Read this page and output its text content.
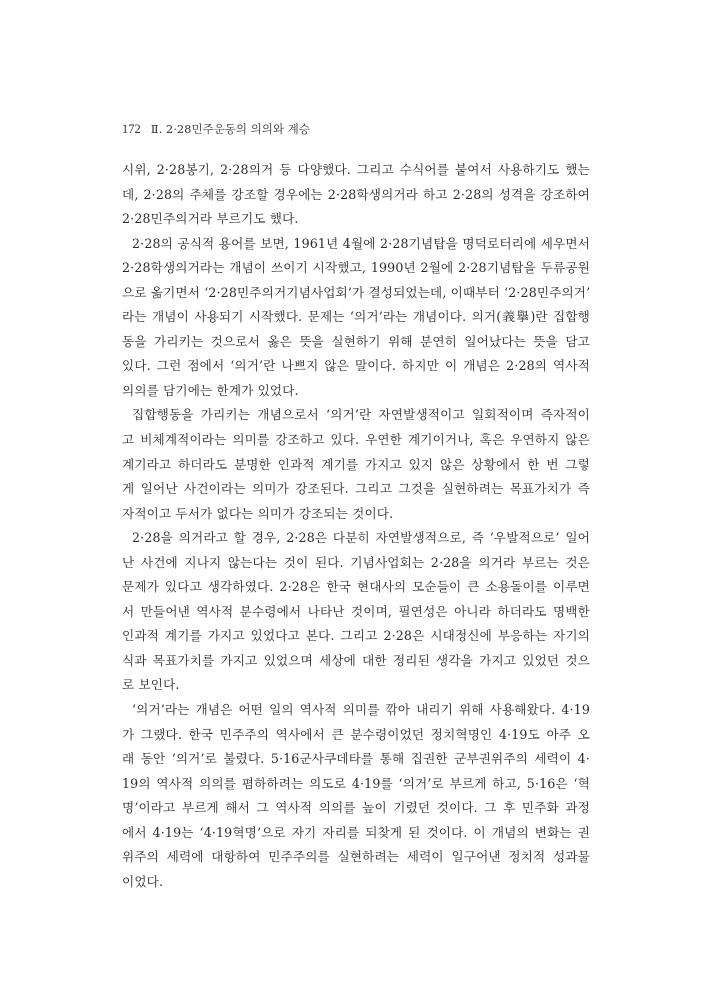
172 Ⅱ. 2·28민주운동의 의의와 계승
시위, 2·28봉기, 2·28의거 등 다양했다. 그리고 수식어를 붙여서 사용하기도 했는
데, 2·28의 주체를 강조할 경우에는 2·28학생의거라 하고 2·28의 성격을 강조하여
2·28민주의거라 부르기도 했다.
2·28의 공식적 용어를 보면, 1961년 4월에 2·28기념탑을 명덕로터리에 세우면서
2·28학생의거라는 개념이 쓰이기 시작했고, 1990년 2월에 2·28기념탑을 두류공원
으로 옮기면서 ‘2·28민주의거기념사업회’가 결성되었는데, 이때부터 ‘2·28민주의거’
라는 개념이 사용되기 시작했다. 문제는 ‘의거’라는 개념이다. 의거(義擧)란 집합행
동을 가리키는 것으로서 옳은 뜻을 실현하기 위해 분연히 일어났다는 뜻을 담고
있다. 그런 점에서 ‘의거’란 나쁘지 않은 말이다. 하지만 이 개념은 2·28의 역사적
의의를 담기에는 한계가 있었다.
집합행동을 가리키는 개념으로서 ‘의거’란 자연발생적이고 일회적이며 즉자적이
고 비체계적이라는 의미를 강조하고 있다. 우연한 계기이거나, 혹은 우연하지 않은
계기라고 하더라도 분명한 인과적 계기를 가지고 있지 않은 상황에서 한 번 그렇
게 일어난 사건이라는 의미가 강조된다. 그리고 그것을 실현하려는 목표가치가 즉
자적이고 두서가 없다는 의미가 강조되는 것이다.
2·28을 의거라고 할 경우, 2·28은 다분히 자연발생적으로, 즉 ‘우발적으로’ 일어
난 사건에 지나지 않는다는 것이 된다. 기념사업회는 2·28을 의거라 부르는 것은
문제가 있다고 생각하였다. 2·28은 한국 현대사의 모순들이 큰 소용돌이를 이루면
서 만들어낸 역사적 분수령에서 나타난 것이며, 필연성은 아니라 하더라도 명백한
인과적 계기를 가지고 있었다고 본다. 그리고 2·28은 시대정신에 부응하는 자기의
식과 목표가치를 가지고 있었으며 세상에 대한 정리된 생각을 가지고 있었던 것으
로 보인다.
‘의거’라는 개념은 어떤 일의 역사적 의미를 깎아 내리기 위해 사용해왔다. 4·19
가 그랬다. 한국 민주주의 역사에서 큰 분수령이었던 정치혁명인 4·19도 아주 오
래 동안 ‘의거’로 불렸다. 5·16군사쿠데타를 통해 집권한 군부권위주의 세력이 4·
19의 역사적 의의를 폄하하려는 의도로 4·19를 ‘의거’로 부르게 하고, 5·16은 ‘혁
명’이라고 부르게 해서 그 역사적 의의를 높이 기렸던 것이다. 그 후 민주화 과정
에서 4·19는 ‘4·19혁명’으로 자기 자리를 되찾게 된 것이다. 이 개념의 변화는 권
위주의 세력에 대항하여 민주주의를 실현하려는 세력이 일구어낸 정치적 성과물
이었다.
